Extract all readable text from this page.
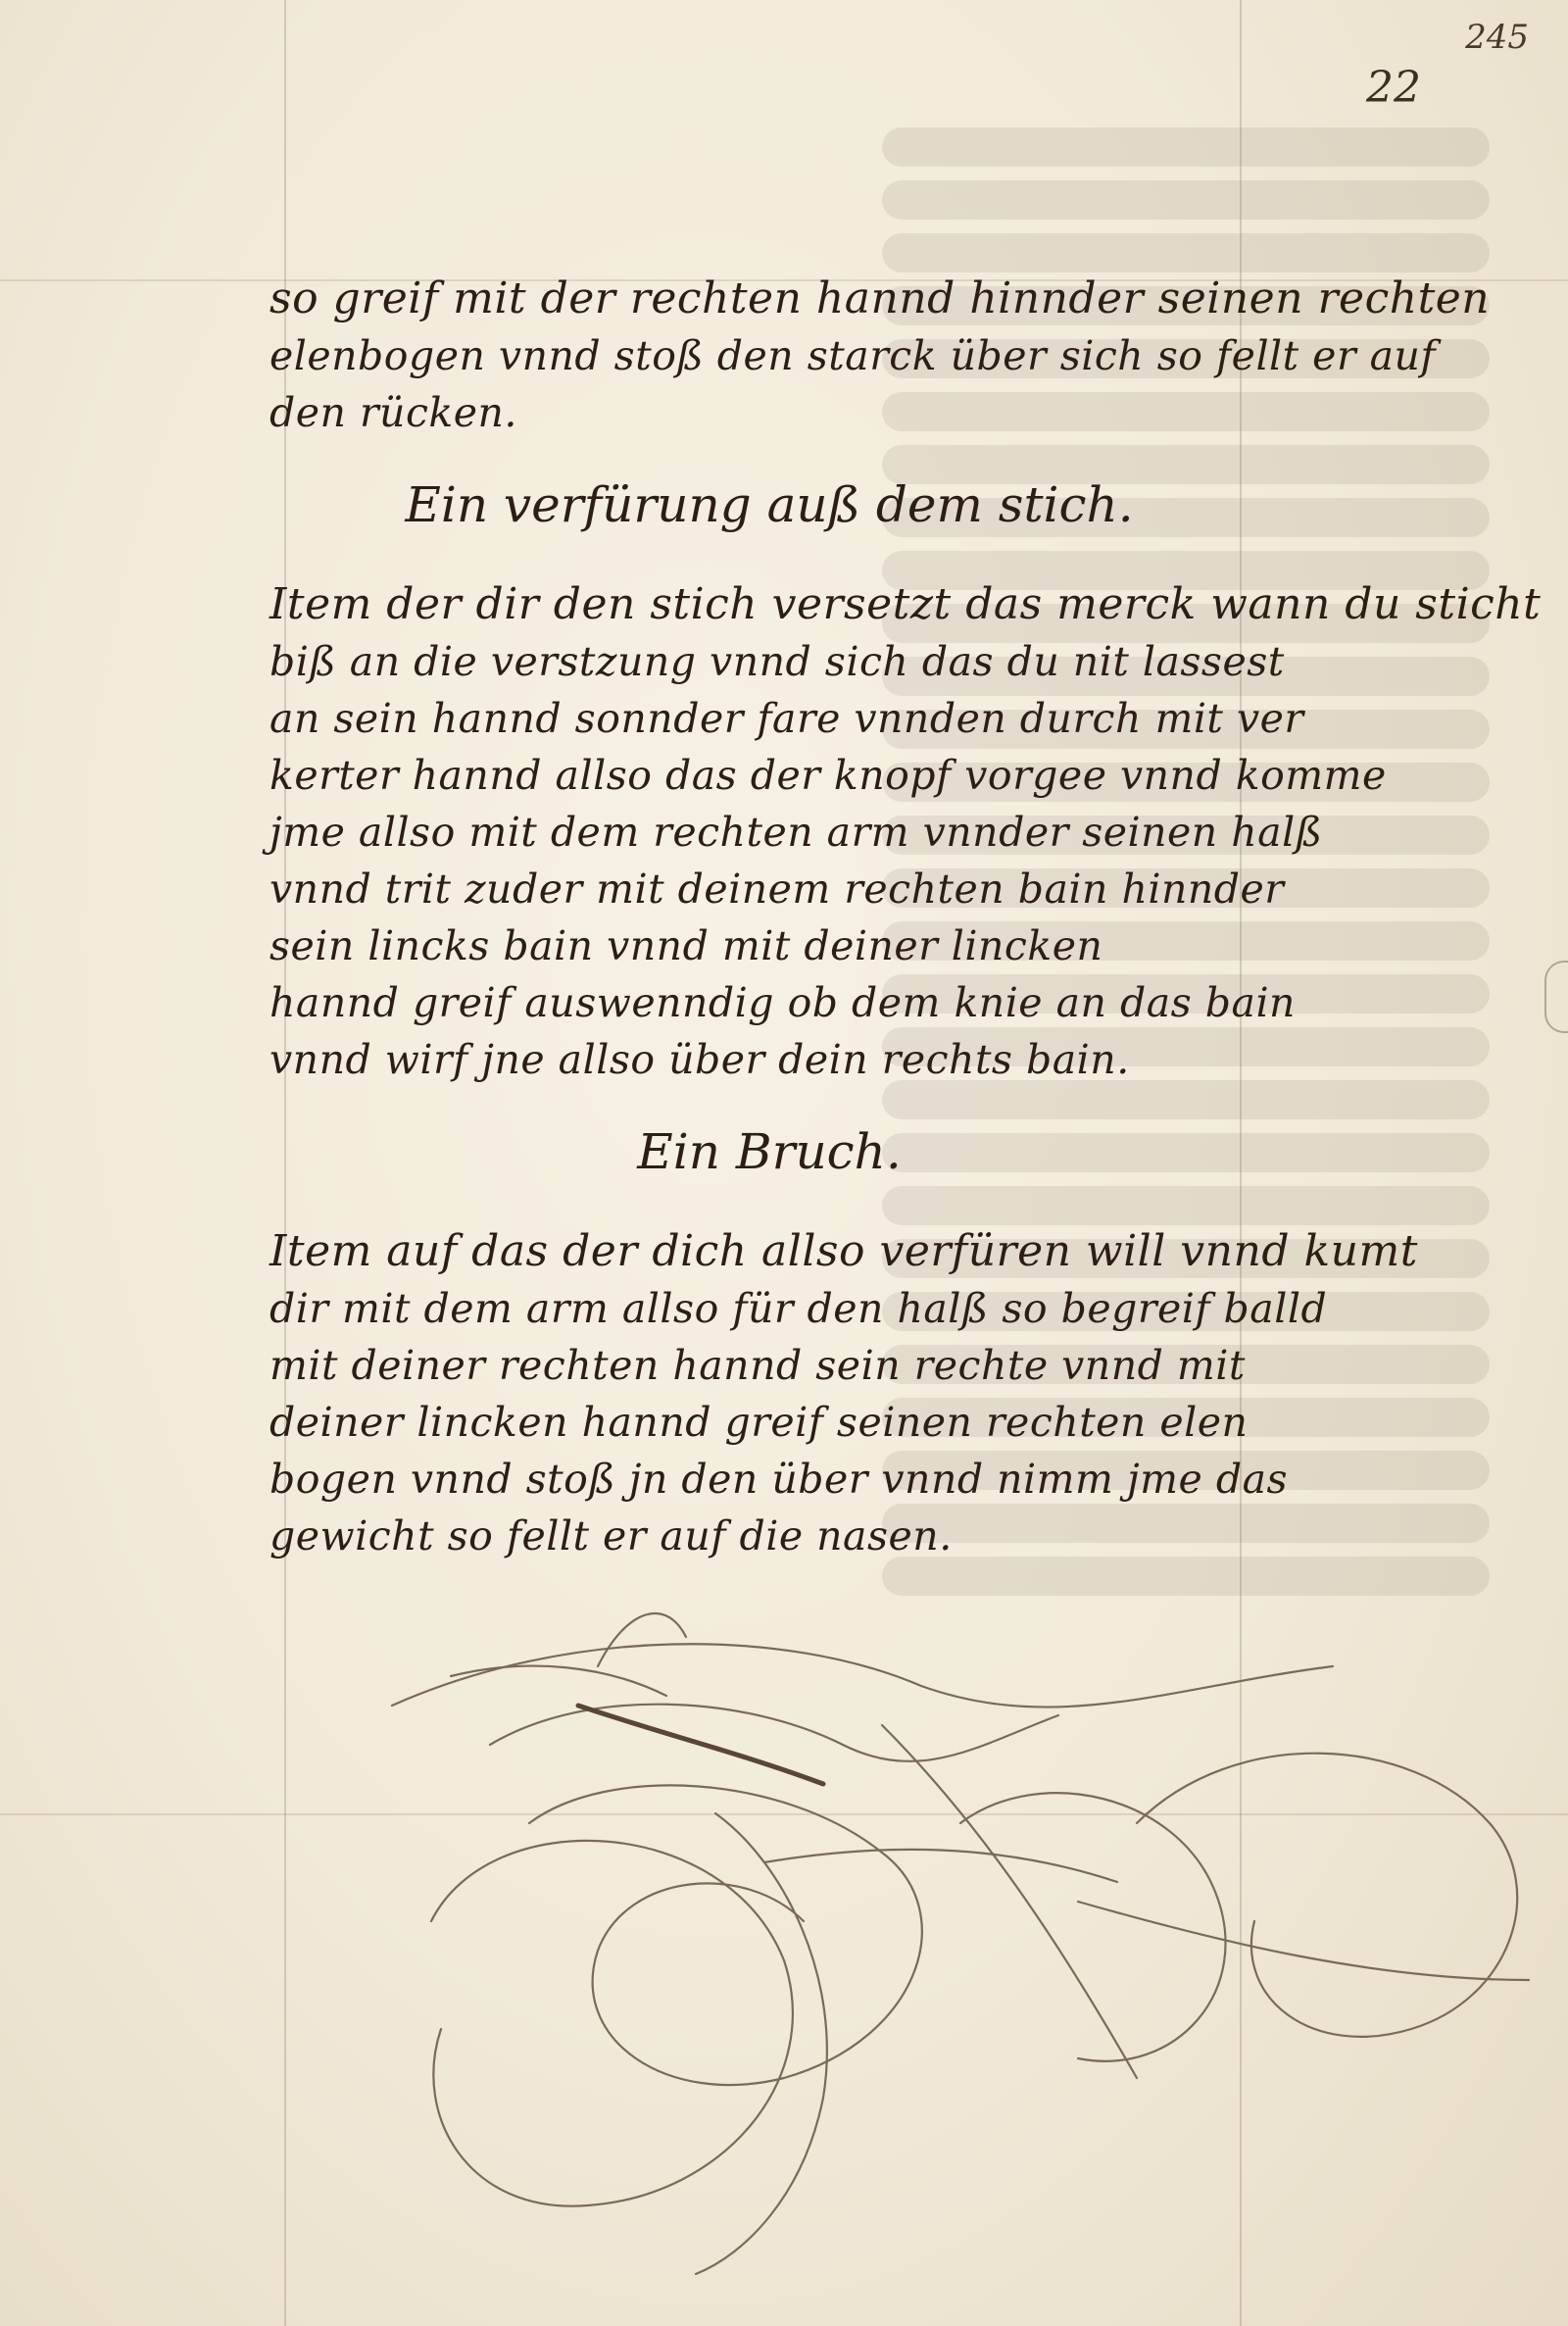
245
22
so greif mit der rechten hannd hinnder seinen rechten
elenbogen vnnd stoß den starck über sich so fellt er auf
den rücken.
Ein verfürung auß dem stich.
Item der dir den stich versetzt das merck wann du sticht
biß an die verstzung vnnd sich das du nit lassest
an sein hannd sonnder fare vnnden durch mit ver
kerter hannd allso das der knopf vorgee vnnd komme
jme allso mit dem rechten arm vnnder seinen halß
vnnd trit zuder mit deinem rechten bain hinnder
sein lincks bain vnnd mit deiner lincken
hannd greif auswenndig ob dem knie an das bain
vnnd wirf jne allso über dein rechts bain.
Ein Bruch.
Item auf das der dich allso verfüren will vnnd kumt
dir mit dem arm allso für den halß so begreif balld
mit deiner rechten hannd sein rechte vnnd mit
deiner lincken hannd greif seinen rechten elen
bogen vnnd stoß jn den über vnnd nimm jme das
gewicht so fellt er auf die nasen.
